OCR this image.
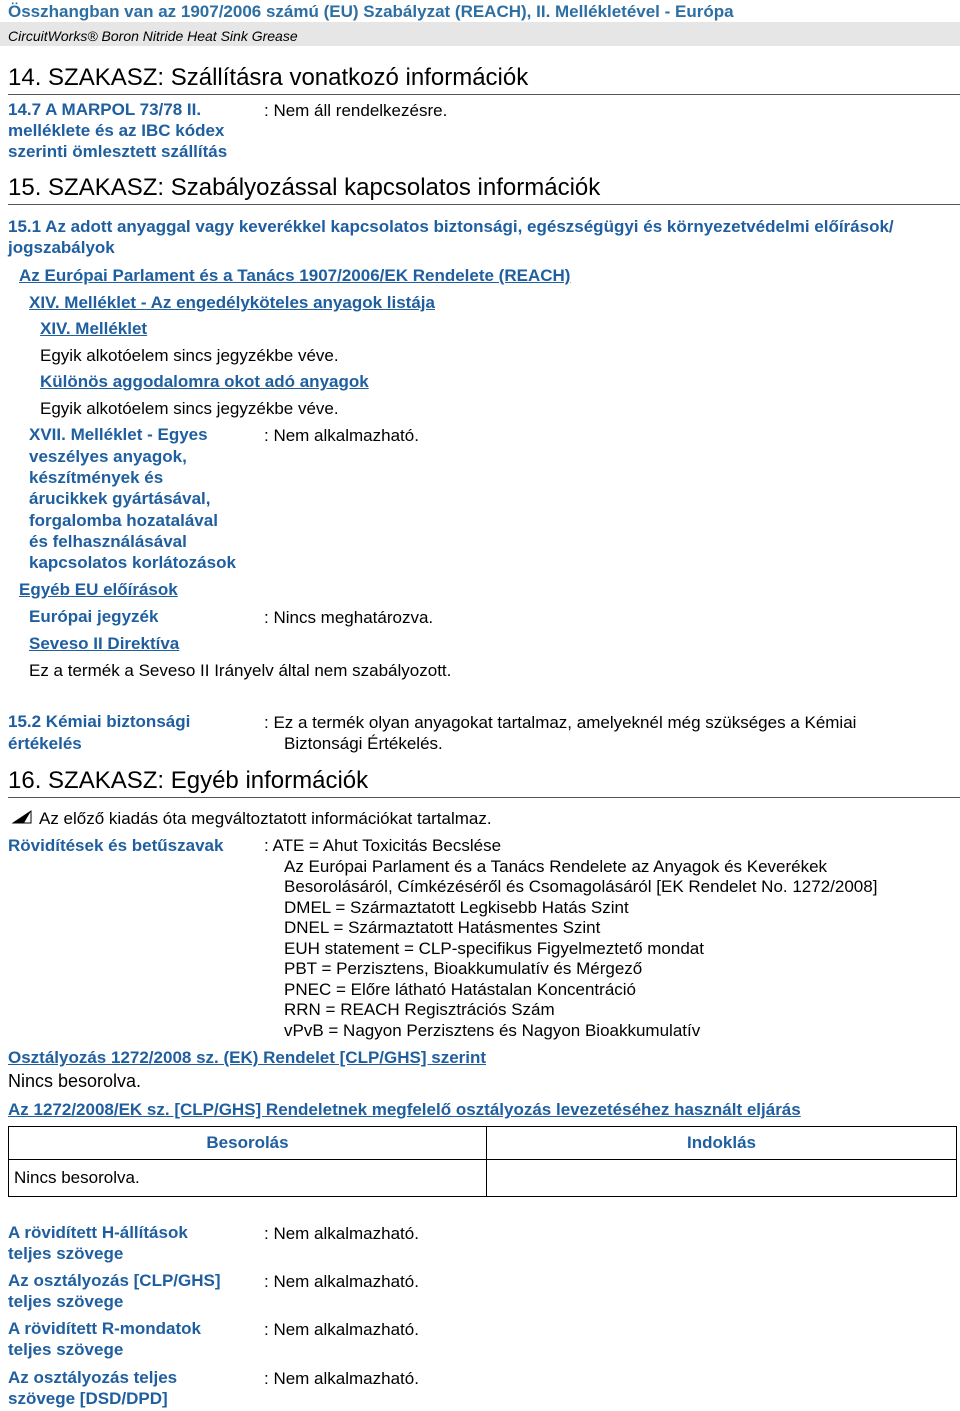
Összhangban van az 1907/2006 számú (EU) Szabályzat (REACH), II. Mellékletével - Európa
CircuitWorks® Boron Nitride Heat Sink Grease
14. SZAKASZ: Szállításra vonatkozó információk
14.7 A MARPOL 73/78 II.
melléklete és az IBC kódex
szerinti ömlesztett szállítás
: Nem áll rendelkezésre.
15. SZAKASZ: Szabályozással kapcsolatos információk
15.1 Az adott anyaggal vagy keverékkel kapcsolatos biztonsági, egészségügyi és környezetvédelmi előírások/
jogszabályok
Az Európai Parlament és a Tanács 1907/2006/EK Rendelete (REACH)
XIV. Melléklet - Az engedélyköteles anyagok listája
XIV. Melléklet
Egyik alkotóelem sincs jegyzékbe véve.
Különös aggodalomra okot adó anyagok
Egyik alkotóelem sincs jegyzékbe véve.
XVII. Melléklet - Egyes
veszélyes anyagok,
készítmények és
árucikkek gyártásával,
forgalomba hozatalával
és felhasználásával
kapcsolatos korlátozások
: Nem alkalmazható.
Egyéb EU előírások
Európai jegyzék	: Nincs meghatározva.
Seveso II Direktíva
Ez a termék a Seveso II Irányelv által nem szabályozott.
15.2 Kémiai biztonsági
értékelés
: Ez a termék olyan anyagokat tartalmaz, amelyeknél még szükséges a Kémiai
Biztonsági Értékelés.
16. SZAKASZ: Egyéb információk
Az előző kiadás óta megváltoztatott információkat tartalmaz.
Rövidítések és betűszavak : ATE = Ahut Toxicitás Becslése
Az Európai Parlament és a Tanács Rendelete az Anyagok és Keverékek
Besorolásáról, Címkézéséről és Csomagolásáról [EK Rendelet No. 1272/2008]
DMEL = Származtatott Legkisebb Hatás Szint
DNEL = Származtatott Hatásmentes Szint
EUH statement = CLP-specifikus Figyelmeztető mondat
PBT = Perzisztens, Bioakkumulatív és Mérgező
PNEC = Előre látható Hatástalan Koncentráció
RRN = REACH Regisztrációs Szám
vPvB = Nagyon Perzisztens és Nagyon Bioakkumulatív
Osztályozás 1272/2008 sz. (EK) Rendelet [CLP/GHS] szerint
Nincs besorolva.
Az 1272/2008/EK sz. [CLP/GHS] Rendeletnek megfelelő osztályozás levezetéséhez használt eljárás
Besorolás	Indoklás
Nincs besorolva.	
A rövidített H-állítások
teljes szövege
: Nem alkalmazható.
Az osztályozás [CLP/GHS]
teljes szövege
: Nem alkalmazható.
A rövidített R-mondatok
teljes szövege
: Nem alkalmazható.
Az osztályozás teljes
szövege [DSD/DPD]
: Nem alkalmazható.
